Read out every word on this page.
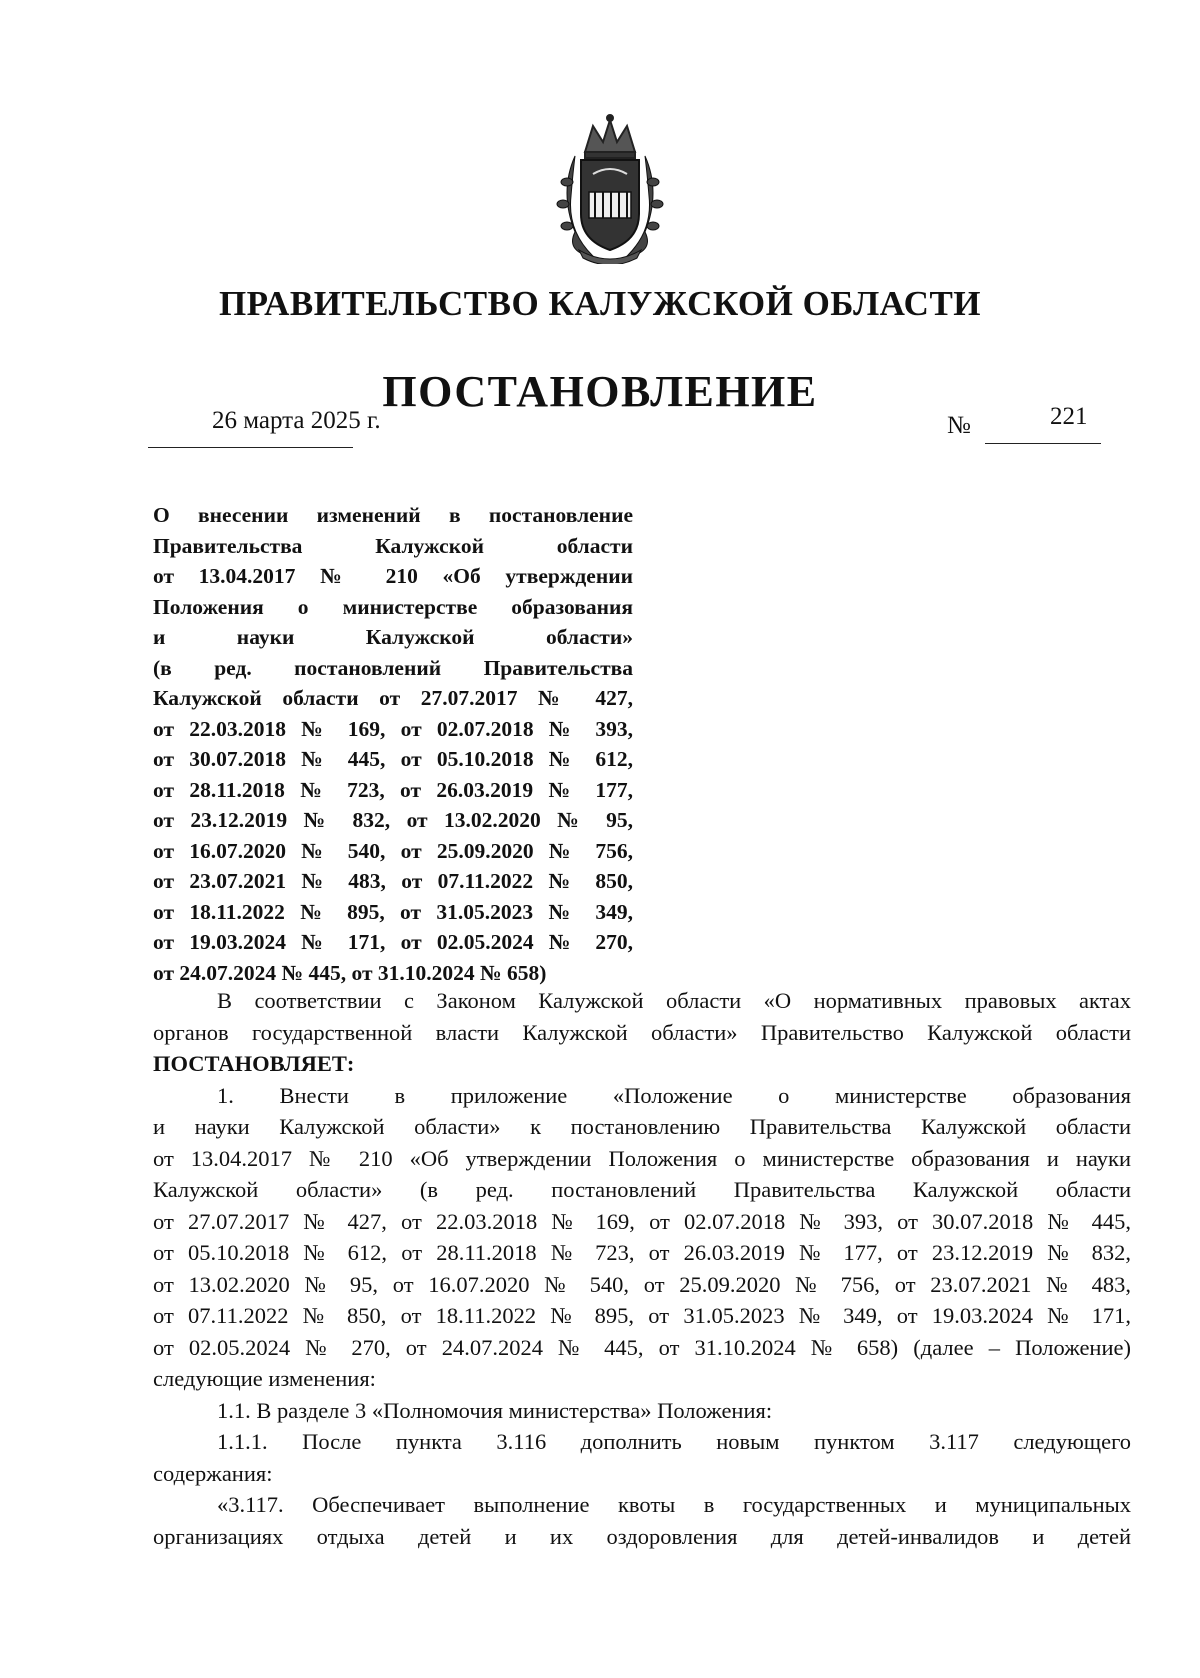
ПРАВИТЕЛЬСТВО КАЛУЖСКОЙ ОБЛАСТИ
ПОСТАНОВЛЕНИЕ
26 марта 2025 г.	№	221
О внесении изменений в постановление
Правительства Калужской области
от 13.04.2017 № 210 «Об утверждении
Положения о министерстве образования
и науки Калужской области»
(в ред. постановлений Правительства
Калужской области от 27.07.2017 № 427,
от 22.03.2018 № 169, от 02.07.2018 № 393,
от 30.07.2018 № 445, от 05.10.2018 № 612,
от 28.11.2018 № 723, от 26.03.2019 № 177,
от 23.12.2019 № 832, от 13.02.2020 № 95,
от 16.07.2020 № 540, от 25.09.2020 № 756,
от 23.07.2021 № 483, от 07.11.2022 № 850,
от 18.11.2022 № 895, от 31.05.2023 № 349,
от 19.03.2024 № 171, от 02.05.2024 № 270,
от 24.07.2024 № 445, от 31.10.2024 № 658)
В соответствии с Законом Калужской области «О нормативных правовых актах
органов государственной власти Калужской области» Правительство Калужской области
ПОСТАНОВЛЯЕТ:
1. Внести в приложение «Положение о министерстве образования
и науки Калужской области» к постановлению Правительства Калужской области
от 13.04.2017 № 210 «Об утверждении Положения о министерстве образования и науки
Калужской области» (в ред. постановлений Правительства Калужской области
от 27.07.2017 № 427, от 22.03.2018 № 169, от 02.07.2018 № 393, от 30.07.2018 № 445,
от 05.10.2018 № 612, от 28.11.2018 № 723, от 26.03.2019 № 177, от 23.12.2019 № 832,
от 13.02.2020 № 95, от 16.07.2020 № 540, от 25.09.2020 № 756, от 23.07.2021 № 483,
от 07.11.2022 № 850, от 18.11.2022 № 895, от 31.05.2023 № 349, от 19.03.2024 № 171,
от 02.05.2024 № 270, от 24.07.2024 № 445, от 31.10.2024 № 658) (далее – Положение)
следующие изменения:
1.1. В разделе 3 «Полномочия министерства» Положения:
1.1.1. После пункта 3.116 дополнить новым пунктом 3.117 следующего
содержания:
«3.117. Обеспечивает выполнение квоты в государственных и муниципальных
организациях отдыха детей и их оздоровления для детей-инвалидов и детей
